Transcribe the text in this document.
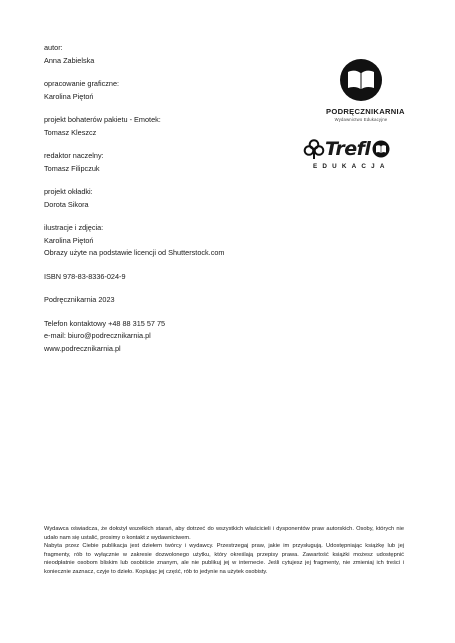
autor:
Anna Zabielska
opracowanie graficzne:
Karolina Piętoń
projekt bohaterów pakietu - Emotek:
Tomasz Kleszcz
redaktor naczelny:
Tomasz Filipczuk
projekt okładki:
Dorota Sikora
ilustracje i zdjęcia:
Karolina Piętoń
Obrazy użyte na podstawie licencji od Shutterstock.com
ISBN 978-83-8336-024-9
Podręcznikarnia 2023
Telefon kontaktowy +48 88 315 57 75
e-mail: biuro@podrecznikarnia.pl
www.podrecznikarnia.pl
PODRĘCZNIKARNIA
Wydawnictwo Edukacyjne
Trefl
EDUKACJA

Wydawca oświadcza, że dołożył wszelkich starań, aby dotrzeć do wszystkich właścicieli i dysponentów praw autorskich. Osoby, których nie udało nam się ustalić, prosimy o kontakt z wydawnictwem.

Nabyta przez Ciebie publikacja jest dziełem twórcy i wydawcy. Przestrzegaj praw, jakie im przysługują. Udostępniając książkę lub jej fragmenty, rób to wyłącznie w zakresie dozwolonego użytku, który określają przepisy prawa. Zawartość książki możesz udostępnić nieodpłatnie osobom bliskim lub osobiście znanym, ale nie publikuj jej w internecie. Jeśli cytujesz jej fragmenty, nie zmieniaj ich treści i koniecznie zaznacz, czyje to dzieło. Kopiując jej część, rób to jedynie na użytek osobisty.
